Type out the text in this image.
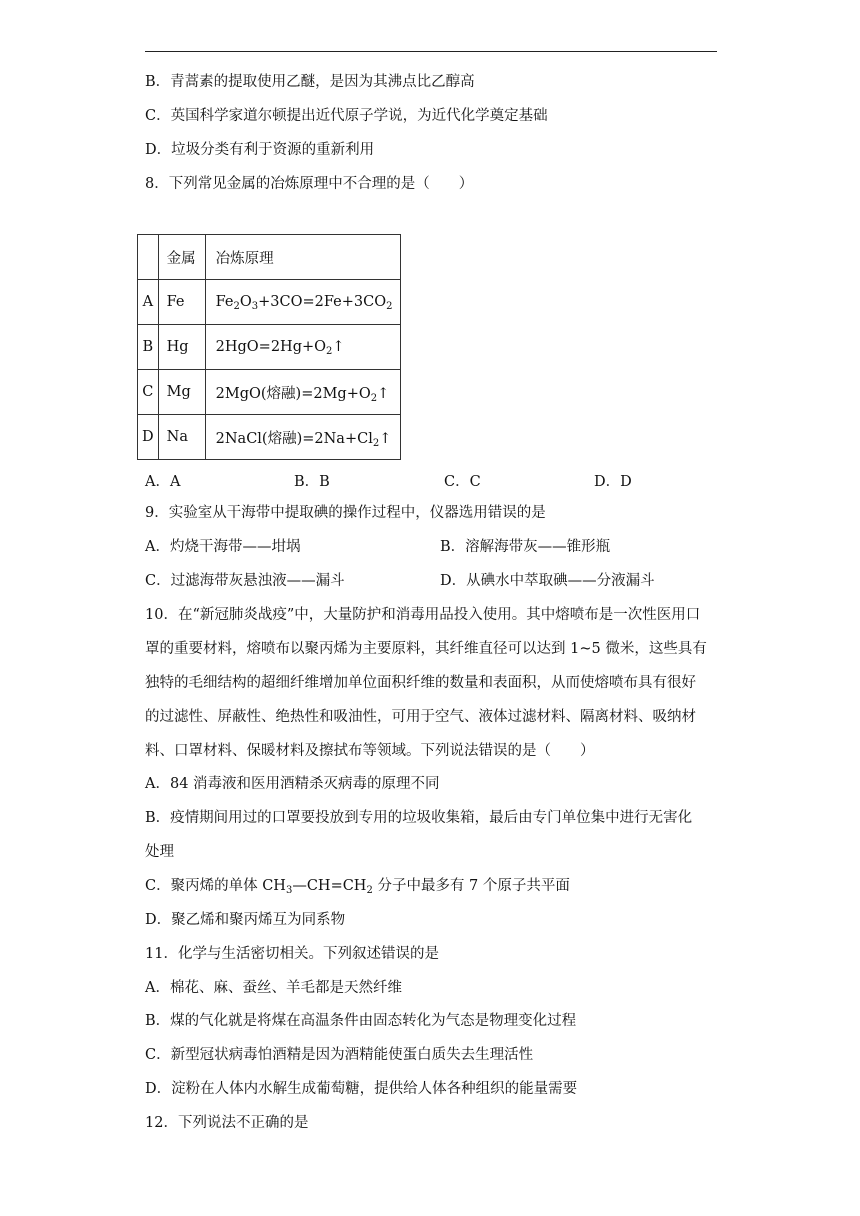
B．青蒿素的提取使用乙醚，是因为其沸点比乙醇高
C．英国科学家道尔顿提出近代原子学说，为近代化学奠定基础
D．垃圾分类有利于资源的重新利用
8．下列常见金属的冶炼原理中不合理的是（　　）
	金属	冶炼原理
A	Fe	$Fe_2O_3+3CO=2Fe+3CO_2$
B	Hg	$2HgO=2Hg+O_2↑$
C	Mg	2MgO(熔融)$=2Mg+O_2↑$
D	Na	2NaCl(熔融)$=2Na+Cl_2↑$
A．A	B．B	C．C	D．D
9．实验室从干海带中提取碘的操作过程中，仪器选用错误的是
A．灼烧干海带——坩埚	B．溶解海带灰——锥形瓶
C．过滤海带灰悬浊液——漏斗	D．从碘水中萃取碘——分液漏斗
10．在“新冠肺炎战疫”中，大量防护和消毒用品投入使用。其中熔喷布是一次性医用口
罩的重要材料，熔喷布以聚丙烯为主要原料，其纤维直径可以达到 1~5 微米，这些具有
独特的毛细结构的超细纤维增加单位面积纤维的数量和表面积，从而使熔喷布具有很好
的过滤性、屏蔽性、绝热性和吸油性，可用于空气、液体过滤材料、隔离材料、吸纳材
料、口罩材料、保暖材料及擦拭布等领域。下列说法错误的是（　　）
A．84 消毒液和医用酒精杀灭病毒的原理不同
B．疫情期间用过的口罩要投放到专用的垃圾收集箱，最后由专门单位集中进行无害化
处理
C．聚丙烯的单体 $CH_3—CH=CH_2$ 分子中最多有 7 个原子共平面
D．聚乙烯和聚丙烯互为同系物
11．化学与生活密切相关。下列叙述错误的是
A．棉花、麻、蚕丝、羊毛都是天然纤维
B．煤的气化就是将煤在高温条件由固态转化为气态是物理变化过程
C．新型冠状病毒怕酒精是因为酒精能使蛋白质失去生理活性
D．淀粉在人体内水解生成葡萄糖，提供给人体各种组织的能量需要
12．下列说法不正确的是
